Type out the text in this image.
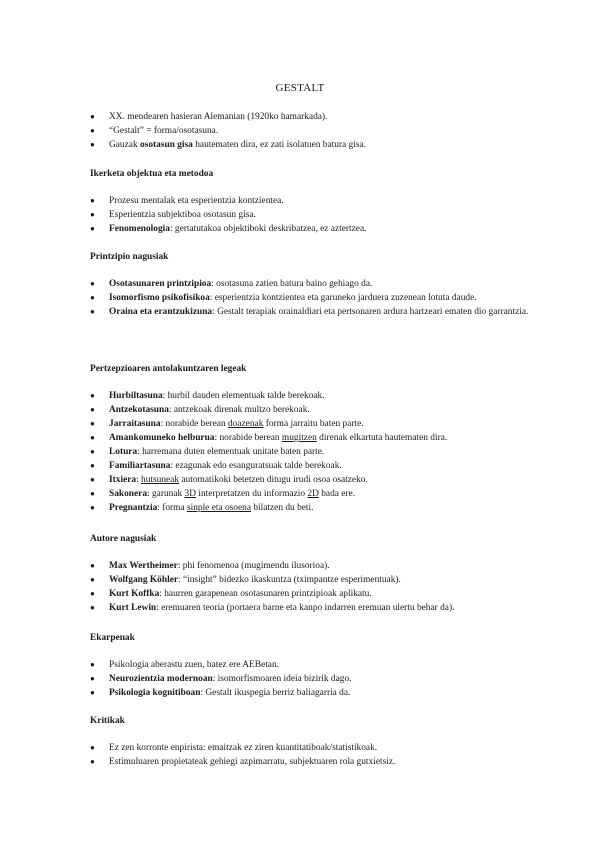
GESTALT
● XX. mendearen hasieran Alemanian (1920ko hamarkada).
● “Gestalt” = forma/osotasuna.
● Gauzak osotasun gisa hautematen dira, ez zati isolatuen batura gisa.
Ikerketa objektua eta metodoa
● Prozesu mentalak eta esperientzia kontzientea.
● Esperientzia subjektiboa osotasun gisa.
● Fenomenologia: gertatutakoa objektiboki deskribatzea, ez aztertzea.
Printzipio nagusiak
● Osotasunaren printzipioa: osotasuna zatien batura baino gehiago da.
● Isomorfismo psikofisikoa: esperientzia kontzientea eta garuneko jarduera zuzenean lotuta daude.
● Oraina eta erantzukizuna: Gestalt terapiak orainaldiari eta pertsonaren ardura hartzeari ematen dio garrantzia.
Pertzepzioaren antolakuntzaren legeak
● Hurbiltasuna: hurbil dauden elementuak talde berekoak.
● Antzekotasuna: antzekoak direnak multzo berekoak.
● Jarraitasuna: norabide berean doazenak forma jarraitu baten parte.
● Amankomuneko helburua: norabide berean mugitzen direnak elkartuta hautematen dira.
● Lotura: harremana duten elementuak unitate baten parte.
● Familiartasuna: ezagunak edo esanguratsuak talde berekoak.
● Itxiera: hutsuneak automatikoki betetzen ditugu irudi osoa osatzeko.
● Sakonera: garunak 3D interpretatzen du informazio 2D bada ere.
● Pregnantzia: forma sinple eta osoena bilatzen du beti.
Autore nagusiak
● Max Wertheimer: phi fenomenoa (mugimendu ilusorioa).
● Wolfgang Köhler: “insight” bidezko ikaskuntza (tximpantze esperimentuak).
● Kurt Koffka: haurren garapenean osotasunaren printzipioak aplikatu.
● Kurt Lewin: eremuaren teoria (portaera barne eta kanpo indarren eremuan ulertu behar da).
Ekarpenak
● Psikologia aberastu zuen, batez ere AEBetan.
● Neurozientzia modernoan: isomorfismoaren ideia bizirik dago.
● Psikologia kognitiboan: Gestalt ikuspegia berriz baliagarria da.
Kritikak
● Ez zen korronte enpirista: emaitzak ez ziren kuantitatiboak/statistikoak.
● Estimuluaren propietateak gehiegi azpimarratu, subjektuaren rola gutxietsiz.
